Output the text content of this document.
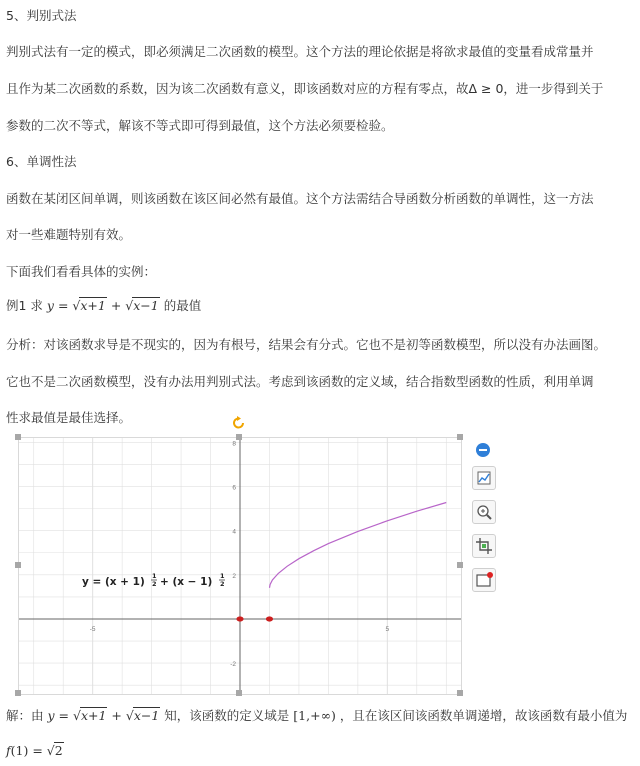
5、判别式法
判别式法有一定的模式，即必须满足二次函数的模型。这个方法的理论依据是将欲求最值的变量看成常量并
且作为某二次函数的系数，因为该二次函数有意义，即该函数对应的方程有零点，故Δ ≥ 0，进一步得到关于
参数的二次不等式，解该不等式即可得到最值，这个方法必须要检验。
6、单调性法
函数在某闭区间单调，则该函数在该区间必然有最值。这个方法需结合导函数分析函数的单调性，这一方法
对一些难题特别有效。
下面我们看看具体的实例：
例1 求 y = √x+1 + √x−1 的最值
分析：对该函数求导是不现实的，因为有根号，结果会有分式。它也不是初等函数模型，所以没有办法画图。
它也不是二次函数模型，没有办法用判别式法。考虑到该函数的定义域，结合指数型函数的性质，利用单调
性求最值是最佳选择。
-5	5
-2
2
4
6
8
y = (x + 1) 1
2 + (x − 1) 1
2
解：由 y = √x+1 + √x−1 知，该函数的定义域是 [1,+∞) ，且在该区间该函数单调递增，故该函数有最小值为
f(1) = √2
